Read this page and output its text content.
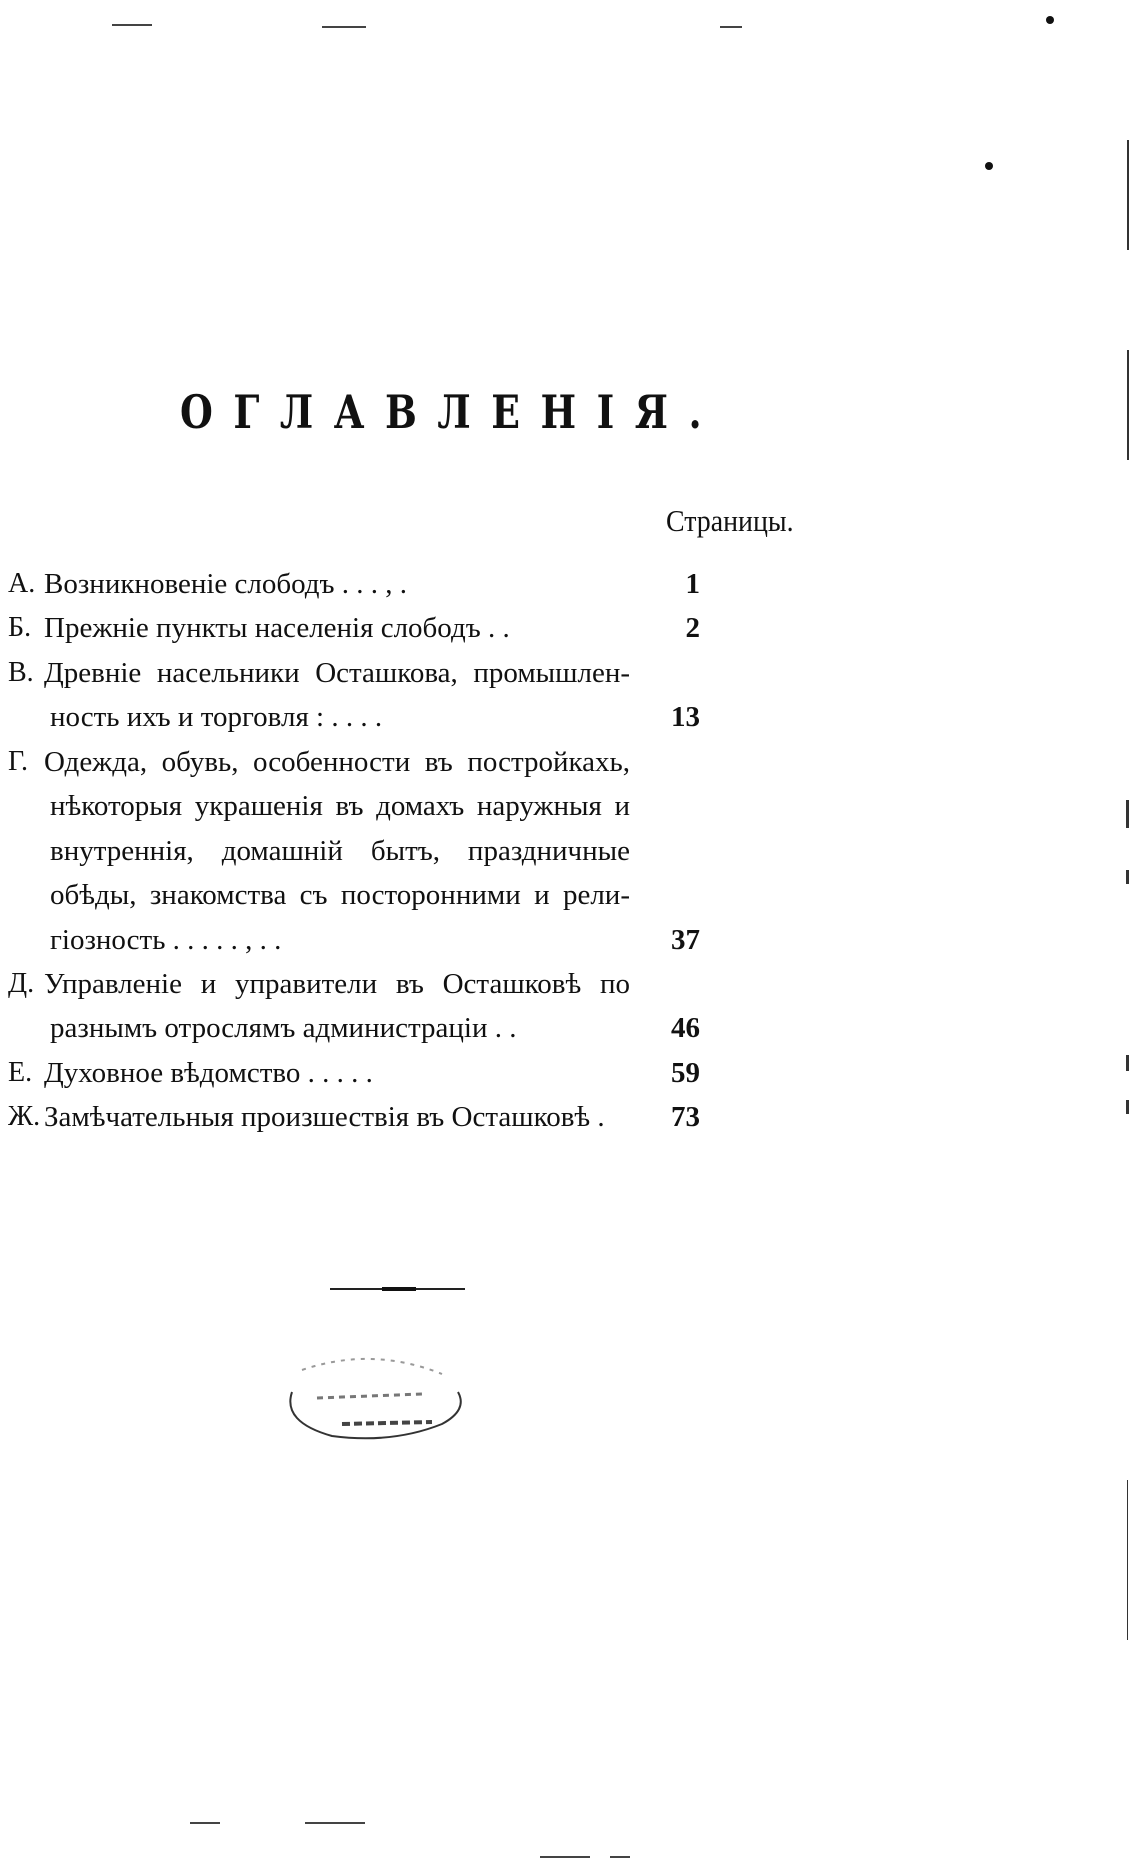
ОГЛАВЛЕНІЯ.
Страницы.
А. Возникновеніе слободъ . . . , .	1
Б. Прежніе пункты населенія слободъ . .	2
В. Древніе насельники Осташкова, промышлен-
ность ихъ и торговля : . . . .	13
Г. Одежда, обувь, особенности въ постройкахь,
нѣкоторыя украшенія въ домахъ наружныя и
внутреннія, домашній бытъ, праздничные
обѣды, знакомства съ посторонними и рели-
гіозность . . . . . , . .	37
Д. Управленіе и управители въ Осташковѣ по
разнымъ отрослямъ администраціи . .	46
Е. Духовное вѣдомство . . . . .	59
Ж. Замѣчательныя произшествія въ Осташковѣ .	73
